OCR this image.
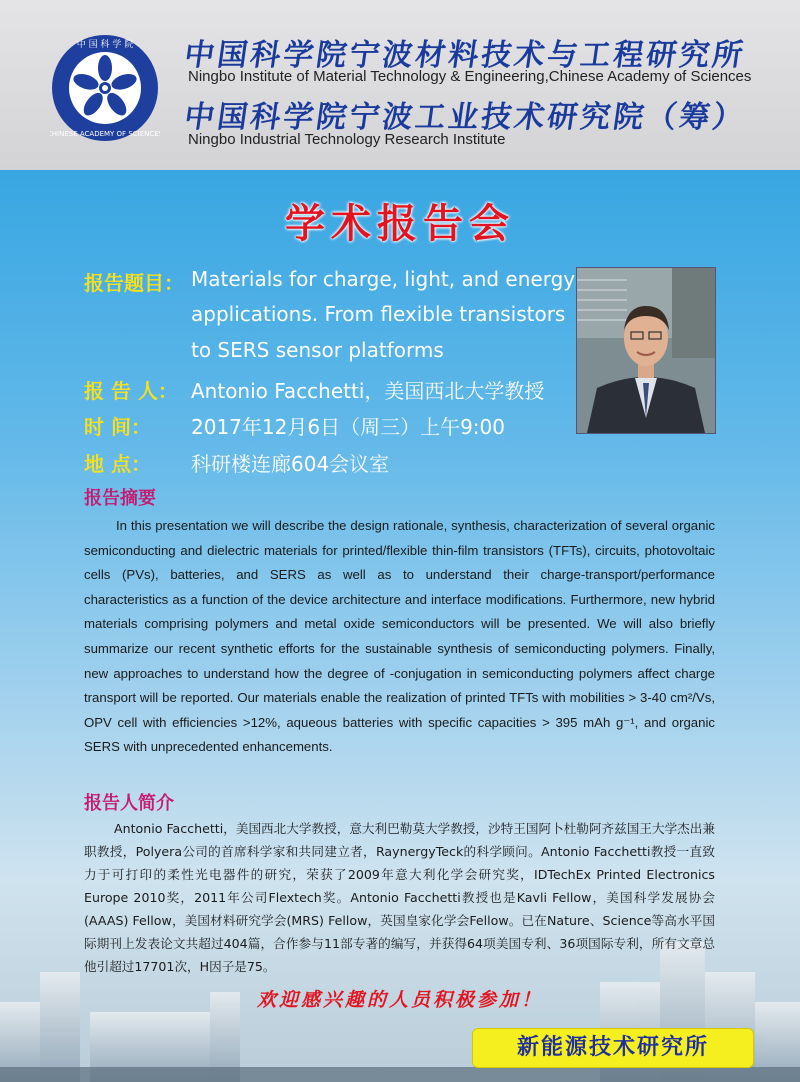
中 国 科 学 院
CHINESE ACADEMY OF SCIENCES
中国科学院宁波材料技术与工程研究所
Ningbo Institute of Material Technology & Engineering,Chinese Academy of Sciences
中国科学院宁波工业技术研究院（筹）
Ningbo Industrial Technology Research Institute
学术报告会
报告题目： Materials for charge, light, and energy
applications. From flexible transistors
to SERS sensor platforms
报 告 人： Antonio Facchetti，美国西北大学教授
时 间： 2017年12月6日（周三）上午9:00
地 点： 科研楼连廊604会议室
报告摘要
In this presentation we will describe the design rationale, synthesis, characterization of several organic semiconducting and dielectric materials for printed/flexible thin-film transistors (TFTs), circuits, photovoltaic cells (PVs), batteries, and SERS as well as to understand their charge-transport/performance characteristics as a function of the device architecture and interface modifications. Furthermore, new hybrid materials comprising polymers and metal oxide semiconductors will be presented. We will also briefly summarize our recent synthetic efforts for the sustainable synthesis of semiconducting polymers. Finally, new approaches to understand how the degree of -conjugation in semiconducting polymers affect charge transport will be reported. Our materials enable the realization of printed TFTs with mobilities > 3-40 cm²/Vs, OPV cell with efficiencies >12%, aqueous batteries with specific capacities > 395 mAh g⁻¹, and organic SERS with unprecedented enhancements.
报告人简介
Antonio Facchetti，美国西北大学教授，意大利巴勒莫大学教授，沙特王国阿卜杜勒阿齐兹国王大学杰出兼职教授，Polyera公司的首席科学家和共同建立者，RaynergyTeck的科学顾问。Antonio Facchetti教授一直致力于可打印的柔性光电器件的研究，荣获了2009年意大利化学会研究奖，IDTechEx Printed Electronics Europe 2010奖，2011年公司Flextech奖。Antonio Facchetti教授也是Kavli Fellow，美国科学发展协会(AAAS) Fellow，美国材料研究学会(MRS) Fellow，英国皇家化学会Fellow。已在Nature、Science等高水平国际期刊上发表论文共超过404篇，合作参与11部专著的编写，并获得64项美国专利、36项国际专利，所有文章总他引超过17701次，H因子是75。
欢迎感兴趣的人员积极参加！
新能源技术研究所
